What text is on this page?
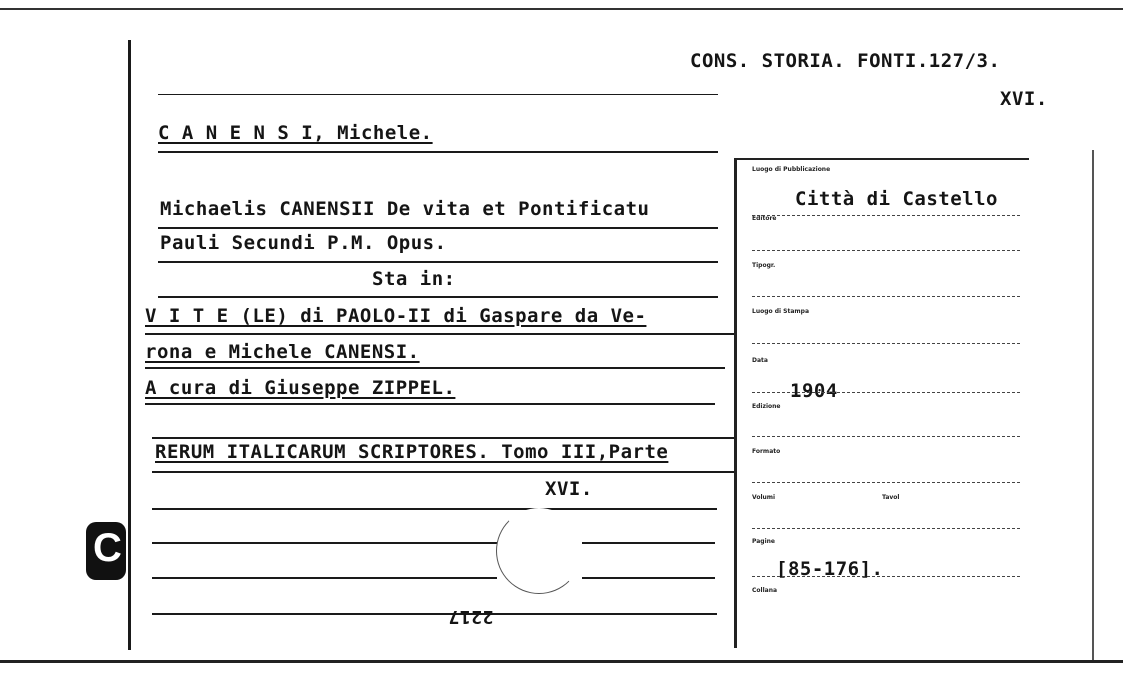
CONS. STORIA. FONTI.127/3.
XVI.
C A N E N S I, Michele.
Michaelis CANENSII De vita et Pontificatu
Pauli Secundi P.M. Opus.
Sta in:
V I T E (LE) di PAOLO-II di Gaspare da Ve-
rona e Michele CANENSI.
A cura di Giuseppe ZIPPEL.
RERUM ITALICARUM SCRIPTORES. Tomo III,Parte
XVI.
2217
C
Luogo di Pubblicazione
Città di Castello
Editore
Tipogr.
Luogo di Stampa
Data
1904
Edizione
Formato
Volumi	Tavol
Pagine
[85-176].
Collana
